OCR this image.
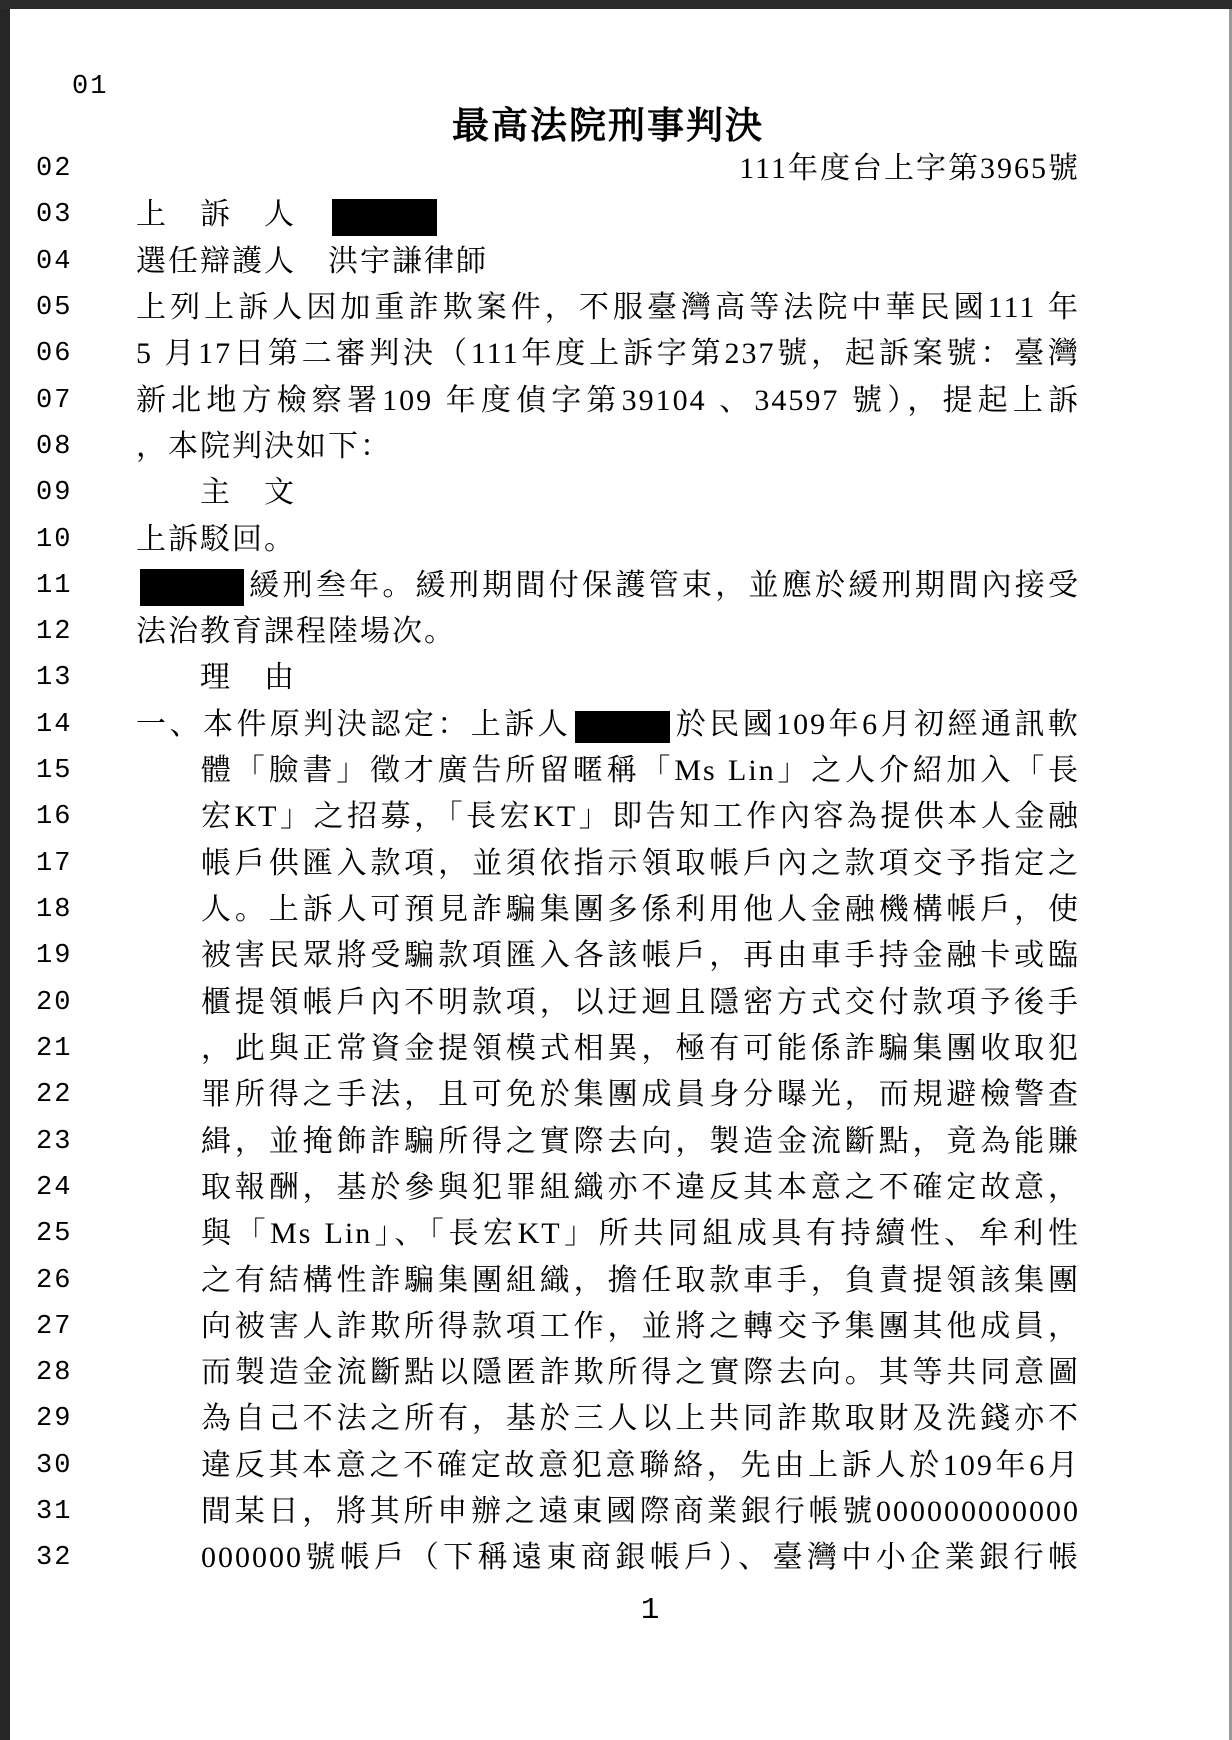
01
最高法院刑事判決
02	111年度台上字第3965號
03	上　訴　人　
04	選任辯護人　洪宇謙律師
05	上列上訴人因加重詐欺案件，不服臺灣高等法院中華民國111 年
06	5 月17日第二審判決（111年度上訴字第237號，起訴案號：臺灣
07	新北地方檢察署109 年度偵字第39104 、34597 號），提起上訴
08	，本院判決如下：
09	　　主　文
10	上訴駁回。
11	緩刑叁年。緩刑期間付保護管束，並應於緩刑期間內接受
12	法治教育課程陸場次。
13	　　理　由
14	一、本件原判決認定：上訴人	於民國109年6月初經通訊軟
15	體「臉書」徵才廣告所留暱稱「Ms Lin」之人介紹加入「長
16	宏KT」之招募，「長宏KT」即告知工作內容為提供本人金融
17	帳戶供匯入款項，並須依指示領取帳戶內之款項交予指定之
18	人。上訴人可預見詐騙集團多係利用他人金融機構帳戶，使
19	被害民眾將受騙款項匯入各該帳戶，再由車手持金融卡或臨
20	櫃提領帳戶內不明款項，以迂迴且隱密方式交付款項予後手
21	，此與正常資金提領模式相異，極有可能係詐騙集團收取犯
22	罪所得之手法，且可免於集團成員身分曝光，而規避檢警查
23	緝，並掩飾詐騙所得之實際去向，製造金流斷點，竟為能賺
24	取報酬，基於參與犯罪組織亦不違反其本意之不確定故意，
25	與「Ms Lin」、「長宏KT」所共同組成具有持續性、牟利性
26	之有結構性詐騙集團組織，擔任取款車手，負責提領該集團
27	向被害人詐欺所得款項工作，並將之轉交予集團其他成員，
28	而製造金流斷點以隱匿詐欺所得之實際去向。其等共同意圖
29	為自己不法之所有，基於三人以上共同詐欺取財及洗錢亦不
30	違反其本意之不確定故意犯意聯絡，先由上訴人於109年6月
31	間某日，將其所申辦之遠東國際商業銀行帳號000000000000
32	000000號帳戶（下稱遠東商銀帳戶）、臺灣中小企業銀行帳
1
